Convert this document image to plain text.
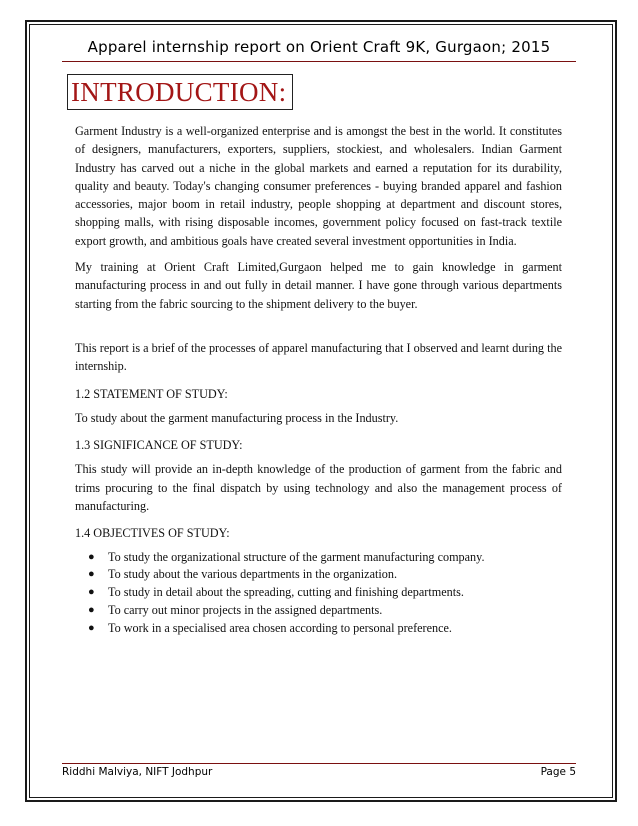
Apparel internship report on Orient Craft 9K, Gurgaon; 2015
INTRODUCTION:

Garment Industry is a well-organized enterprise and is amongst the best in the world. It constitutes of designers, manufacturers, exporters, suppliers, stockiest, and wholesalers. Indian Garment Industry has carved out a niche in the global markets and earned a reputation for its durability, quality and beauty. Today's changing consumer preferences - buying branded apparel and fashion accessories, major boom in retail industry, people shopping at department and discount stores, shopping malls, with rising disposable incomes, government policy focused on fast-track textile export growth, and ambitious goals have created several investment opportunities in India.

My training at Orient Craft Limited,Gurgaon helped me to gain knowledge in garment manufacturing process in and out fully in detail manner. I have gone through various departments starting from the fabric sourcing to the shipment delivery to the buyer.

This report is a brief of the processes of apparel manufacturing that I observed and learnt during the internship.

1.2 STATEMENT OF STUDY:

To study about the garment manufacturing process in the Industry.

1.3 SIGNIFICANCE OF STUDY:

This study will provide an in-depth knowledge of the production of garment from the fabric and trims procuring to the final dispatch by using technology and also the management process of manufacturing.

1.4 OBJECTIVES OF STUDY:

● To study the organizational structure of the garment manufacturing company.
● To study about the various departments in the organization.
● To study in detail about the spreading, cutting and finishing departments.
● To carry out minor projects in the assigned departments.
● To work in a specialised area chosen according to personal preference.
Riddhi Malviya, NIFT Jodhpur	Page 5
